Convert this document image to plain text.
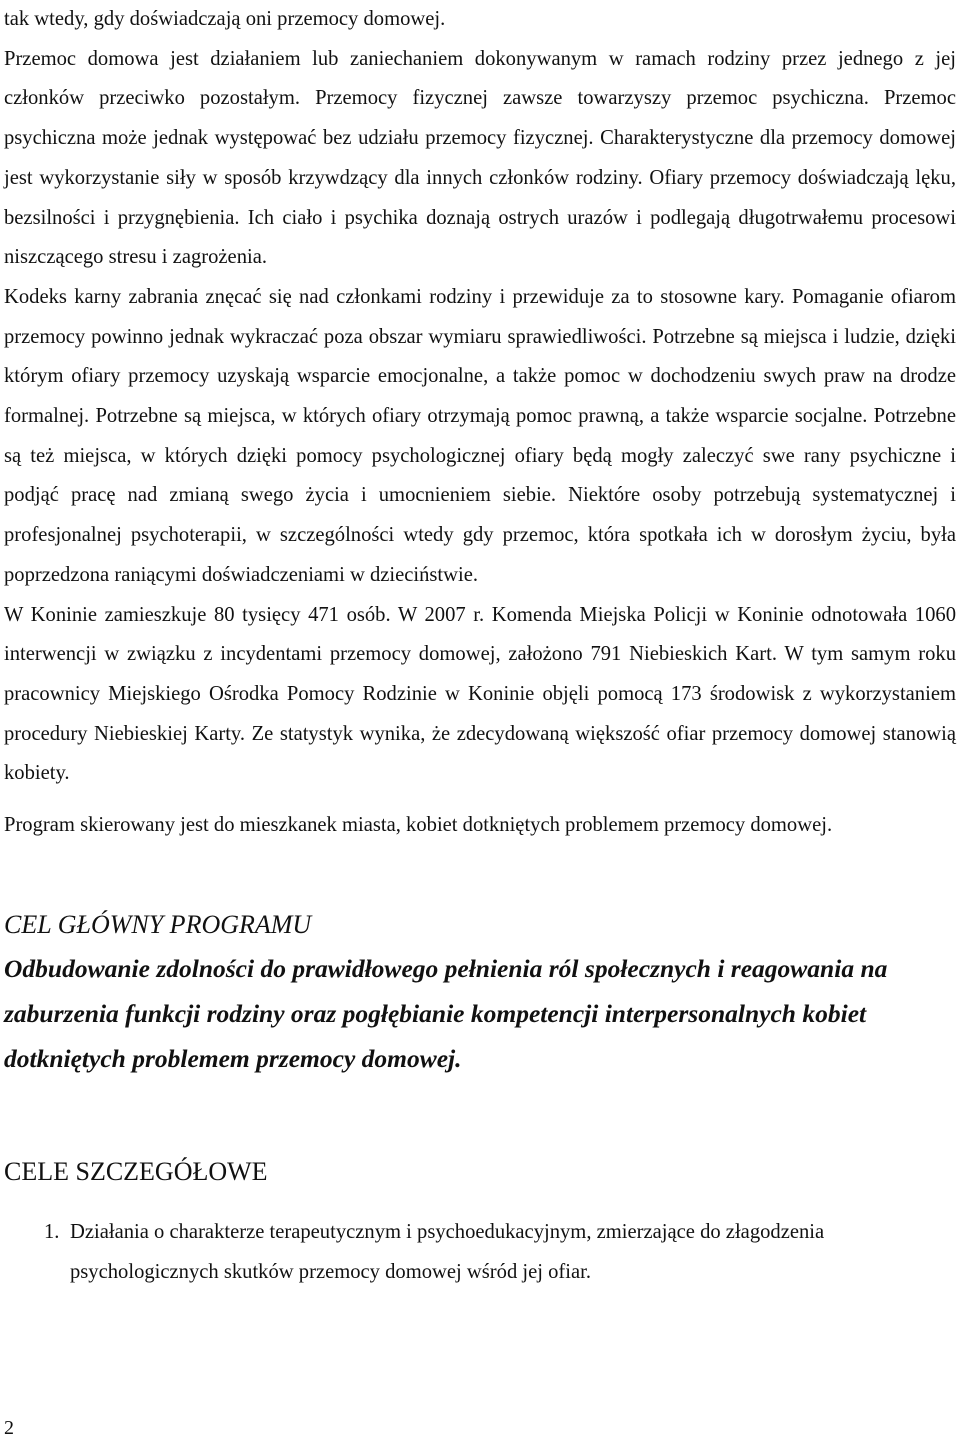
tak wtedy, gdy doświadczają oni przemocy domowej.

Przemoc domowa jest działaniem lub zaniechaniem dokonywanym w ramach rodziny przez jednego z jej członków przeciwko pozostałym. Przemocy fizycznej zawsze towarzyszy przemoc psychiczna. Przemoc psychiczna może jednak występować bez udziału przemocy fizycznej. Charakterystyczne dla przemocy domowej jest wykorzystanie siły w sposób krzywdzący dla innych członków rodziny. Ofiary przemocy doświadczają lęku, bezsilności i przygnębienia. Ich ciało i psychika doznają ostrych urazów i podlegają długotrwałemu procesowi niszczącego stresu i zagrożenia.

Kodeks karny zabrania znęcać się nad członkami rodziny i przewiduje za to stosowne kary. Pomaganie ofiarom przemocy powinno jednak wykraczać poza obszar wymiaru sprawiedliwości. Potrzebne są miejsca i ludzie, dzięki którym ofiary przemocy uzyskają wsparcie emocjonalne, a także pomoc w dochodzeniu swych praw na drodze formalnej. Potrzebne są miejsca, w których ofiary otrzymają pomoc prawną, a także wsparcie socjalne. Potrzebne są też miejsca, w których dzięki pomocy psychologicznej ofiary będą mogły zaleczyć swe rany psychiczne i podjąć pracę nad zmianą swego życia i umocnieniem siebie. Niektóre osoby potrzebują systematycznej i profesjonalnej psychoterapii, w szczególności wtedy gdy przemoc, która spotkała ich w dorosłym życiu, była poprzedzona raniącymi doświadczeniami w dzieciństwie.

W Koninie zamieszkuje 80 tysięcy 471 osób. W 2007 r. Komenda Miejska Policji w Koninie odnotowała 1060 interwencji w związku z incydentami przemocy domowej, założono 791 Niebieskich Kart. W tym samym roku pracownicy Miejskiego Ośrodka Pomocy Rodzinie w Koninie objęli pomocą 173 środowisk z wykorzystaniem procedury Niebieskiej Karty. Ze statystyk wynika, że zdecydowaną większość ofiar przemocy domowej stanowią kobiety.

Program skierowany jest do mieszkanek miasta, kobiet dotkniętych problemem przemocy domowej.

CEL GŁÓWNY PROGRAMU

Odbudowanie zdolności do prawidłowego pełnienia ról społecznych i reagowania na zaburzenia funkcji rodziny oraz pogłębianie kompetencji interpersonalnych kobiet dotkniętych problemem przemocy domowej.

CELE SZCZEGÓŁOWE
1. Działania o charakterze terapeutycznym i psychoedukacyjnym, zmierzające do złagodzenia psychologicznych skutków przemocy domowej wśród jej ofiar.
2
